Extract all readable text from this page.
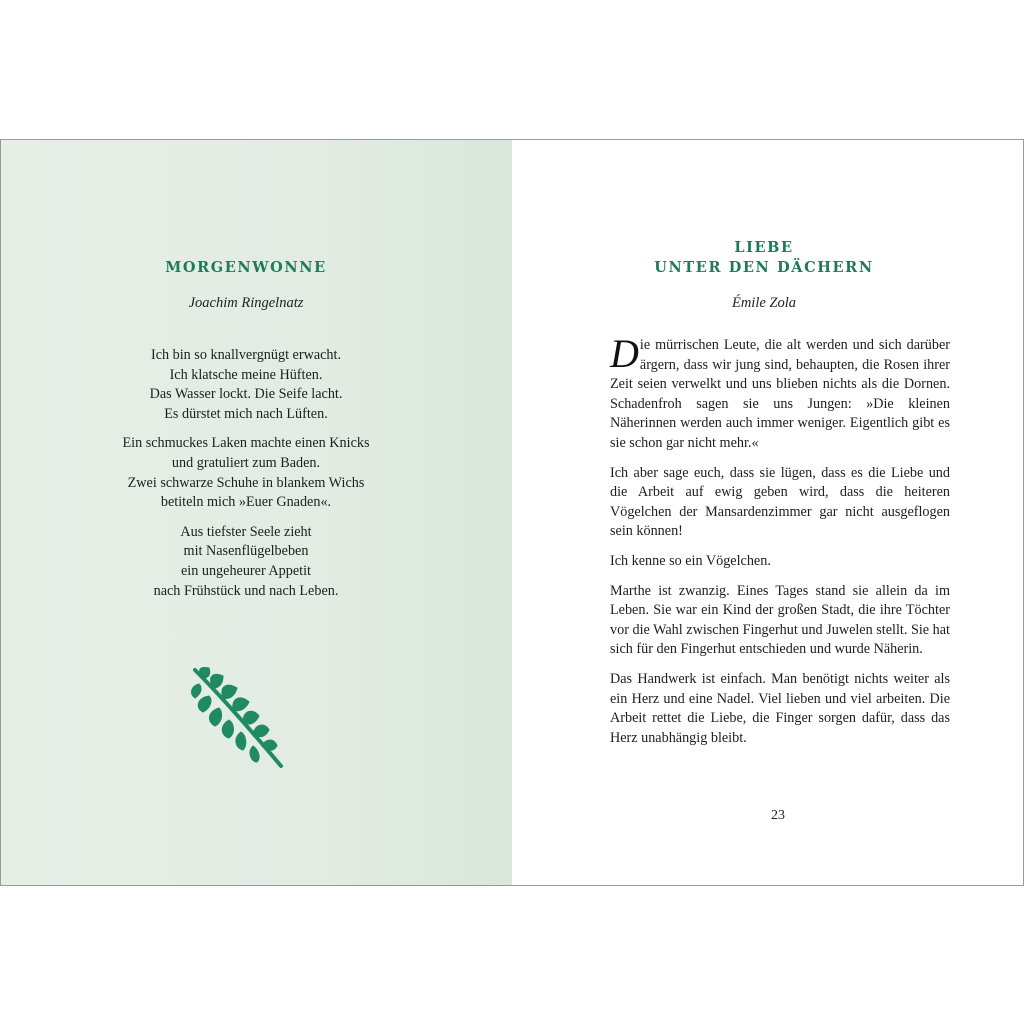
MORGENWONNE

Joachim Ringelnatz

Ich bin so knallvergnügt erwacht.
Ich klatsche meine Hüften.
Das Wasser lockt. Die Seife lacht.
Es dürstet mich nach Lüften.
Ein schmuckes Laken machte einen Knicks
und gratuliert zum Baden.
Zwei schwarze Schuhe in blankem Wichs
betiteln mich »Euer Gnaden«.
Aus tiefster Seele zieht
mit Nasenflügelbeben
ein ungeheurer Appetit
nach Frühstück und nach Leben.
LIEBE
UNTER DEN DÄCHERN

Émile Zola

Die mürrischen Leute, die alt werden und sich darüber ärgern, dass wir jung sind, behaupten, die Rosen ihrer Zeit seien verwelkt und uns blieben nichts als die Dornen. Schadenfroh sagen sie uns Jungen: »Die kleinen Näherinnen werden auch immer weniger. Eigentlich gibt es sie schon gar nicht mehr.«

Ich aber sage euch, dass sie lügen, dass es die Liebe und die Arbeit auf ewig geben wird, dass die heiteren Vögelchen der Mansardenzimmer gar nicht ausgeflogen sein können!

Ich kenne so ein Vögelchen.

Marthe ist zwanzig. Eines Tages stand sie allein da im Leben. Sie war ein Kind der großen Stadt, die ihre Töchter vor die Wahl zwischen Fingerhut und Juwelen stellt. Sie hat sich für den Fingerhut entschieden und wurde Näherin.

Das Handwerk ist einfach. Man benötigt nichts weiter als ein Herz und eine Nadel. Viel lieben und viel arbeiten. Die Arbeit rettet die Liebe, die Finger sorgen dafür, dass das Herz unabhängig bleibt.

23
